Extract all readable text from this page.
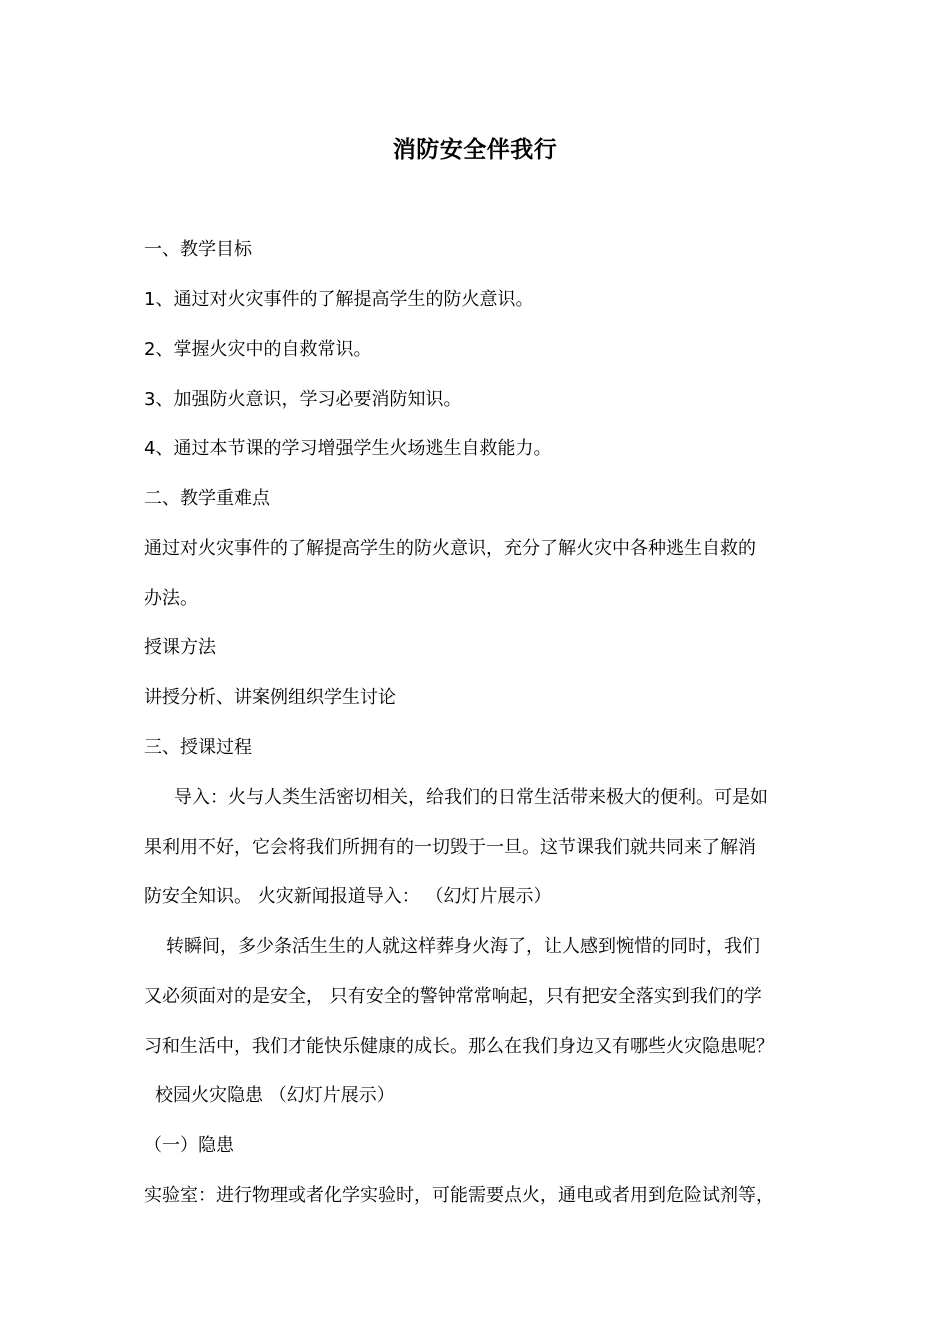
消防安全伴我行
一、教学目标
1、通过对火灾事件的了解提高学生的防火意识。
2、掌握火灾中的自救常识。
3、加强防火意识，学习必要消防知识。
4、通过本节课的学习增强学生火场逃生自救能力。
二、教学重难点
通过对火灾事件的了解提高学生的防火意识，充分了解火灾中各种逃生自救的
办法。
授课方法
讲授分析、讲案例组织学生讨论
三、授课过程
导入：火与人类生活密切相关，给我们的日常生活带来极大的便利。可是如
果利用不好，它会将我们所拥有的一切毁于一旦。这节课我们就共同来了解消
防安全知识。 火灾新闻报道导入： （幻灯片展示）
转瞬间，多少条活生生的人就这样葬身火海了，让人感到惋惜的同时，我们
又必须面对的是安全， 只有安全的警钟常常响起，只有把安全落实到我们的学
习和生活中，我们才能快乐健康的成长。那么在我们身边又有哪些火灾隐患呢？
校园火灾隐患 （幻灯片展示）
（一）隐患
实验室：进行物理或者化学实验时，可能需要点火，通电或者用到危险试剂等，
